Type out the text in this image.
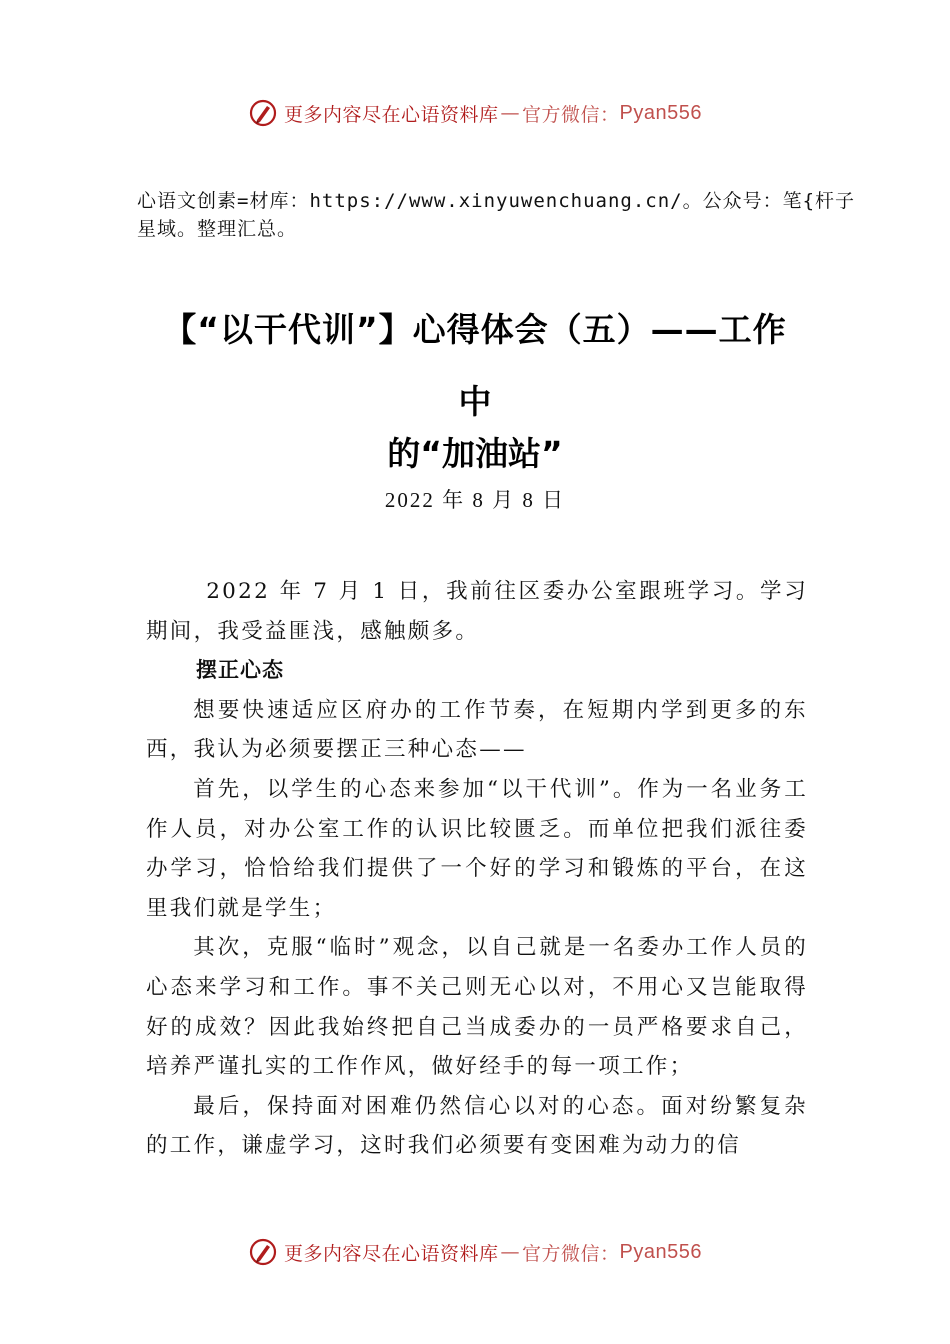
更多内容尽在心语资料库 — 官方微信： Pyan556
心语文创素=材库：https://www.xinyuwenchuang.cn/。公众号：笔{杆子星域。整理汇总。
【“以干代训”】心得体会（五）——工作
中
的“加油站”
2022 年 8 月 8 日

2022 年 7 月 1 日，我前往区委办公室跟班学习。学习期间，我受益匪浅，感触颇多。

摆正心态

想要快速适应区府办的工作节奏，在短期内学到更多的东西，我认为必须要摆正三种心态——

首先，以学生的心态来参加“以干代训”。作为一名业务工作人员，对办公室工作的认识比较匮乏。而单位把我们派往委办学习，恰恰给我们提供了一个好的学习和锻炼的平台，在这里我们就是学生；

其次，克服“临时”观念，以自己就是一名委办工作人员的心态来学习和工作。事不关己则无心以对，不用心又岂能取得好的成效？因此我始终把自己当成委办的一员严格要求自己，培养严谨扎实的工作作风，做好经手的每一项工作；

最后，保持面对困难仍然信心以对的心态。面对纷繁复杂的工作，谦虚学习，这时我们必须要有变困难为动力的信

更多内容尽在心语资料库 — 官方微信： Pyan556
